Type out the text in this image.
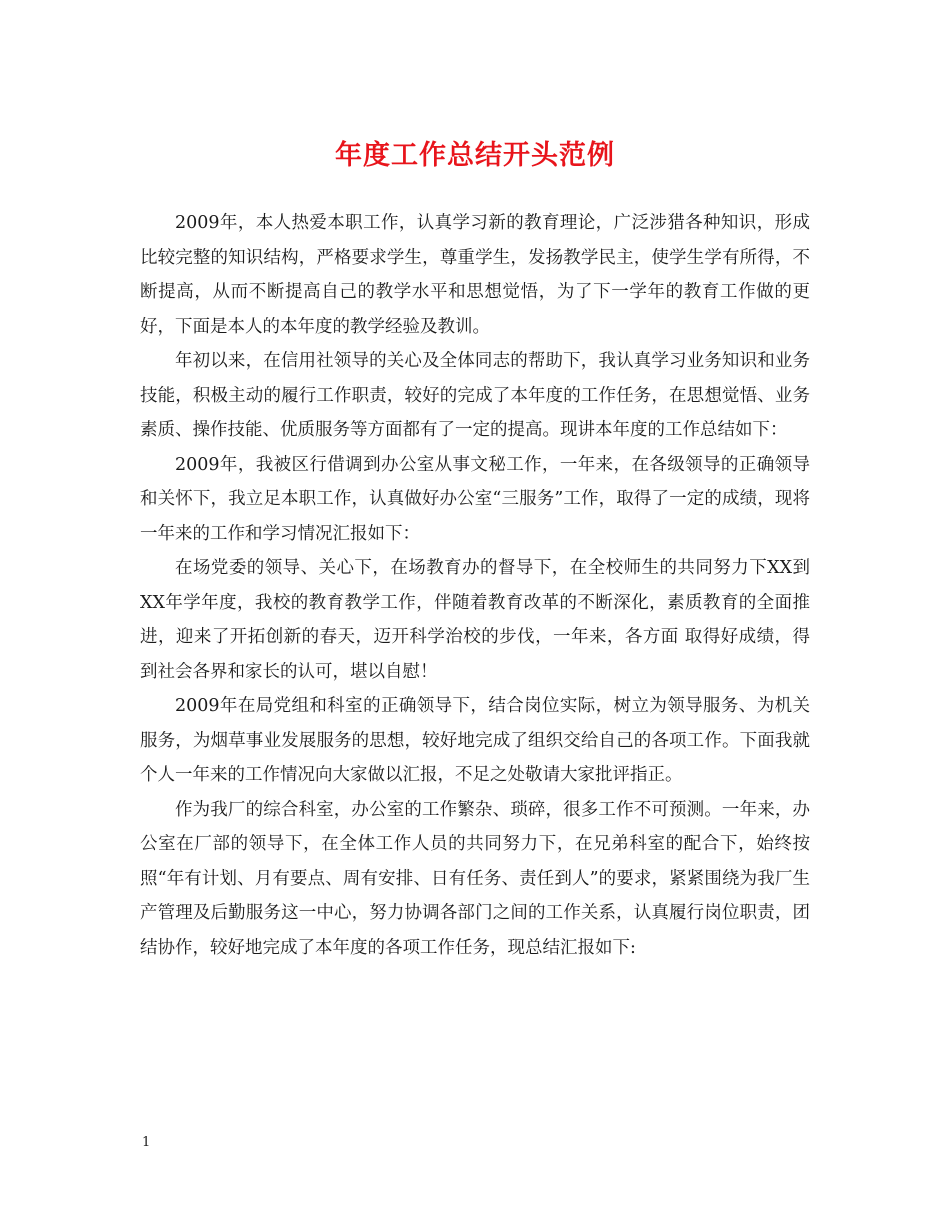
年度工作总结开头范例

2009年，本人热爱本职工作，认真学习新的教育理论，广泛涉猎各种知识，形成比较完整的知识结构，严格要求学生，尊重学生，发扬教学民主，使学生学有所得，不断提高，从而不断提高自己的教学水平和思想觉悟，为了下一学年的教育工作做的更好，下面是本人的本年度的教学经验及教训。

年初以来，在信用社领导的关心及全体同志的帮助下，我认真学习业务知识和业务技能，积极主动的履行工作职责，较好的完成了本年度的工作任务，在思想觉悟、业务素质、操作技能、优质服务等方面都有了一定的提高。现讲本年度的工作总结如下：

2009年，我被区行借调到办公室从事文秘工作，一年来，在各级领导的正确领导和关怀下，我立足本职工作，认真做好办公室“三服务”工作，取得了一定的成绩，现将一年来的工作和学习情况汇报如下：

在场党委的领导、关心下，在场教育办的督导下，在全校师生的共同努力下XX到XX年学年度，我校的教育教学工作，伴随着教育改革的不断深化，素质教育的全面推进，迎来了开拓创新的春天，迈开科学治校的步伐，一年来，各方面 取得好成绩，得到社会各界和家长的认可，堪以自慰！

2009年在局党组和科室的正确领导下，结合岗位实际，树立为领导服务、为机关服务，为烟草事业发展服务的思想，较好地完成了组织交给自己的各项工作。下面我就个人一年来的工作情况向大家做以汇报，不足之处敬请大家批评指正。

作为我厂的综合科室，办公室的工作繁杂、琐碎，很多工作不可预测。一年来，办公室在厂部的领导下，在全体工作人员的共同努力下，在兄弟科室的配合下，始终按照“年有计划、月有要点、周有安排、日有任务、责任到人”的要求，紧紧围绕为我厂生产管理及后勤服务这一中心，努力协调各部门之间的工作关系，认真履行岗位职责，团结协作，较好地完成了本年度的各项工作任务，现总结汇报如下:

1
